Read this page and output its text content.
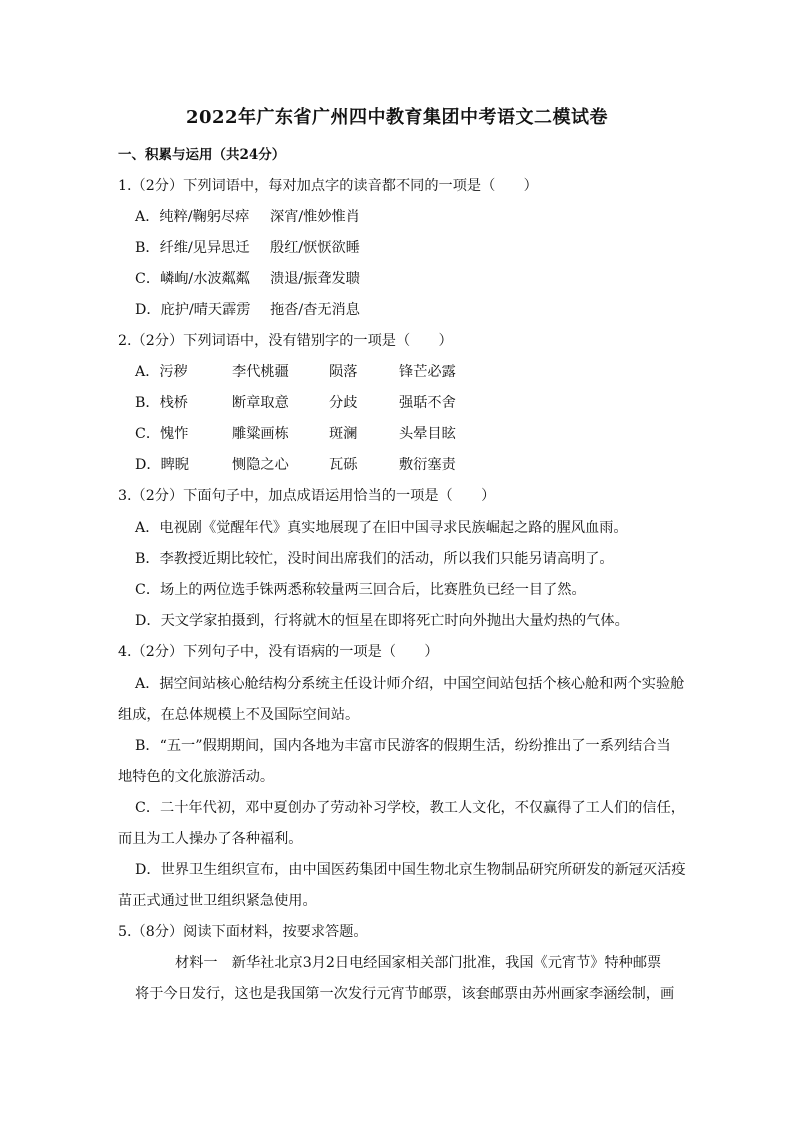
2022年广东省广州四中教育集团中考语文二模试卷
一、积累与运用（共24分）
1.（2分）下列词语中，每对加点字的读音都不同的一项是（　　）
A．纯粹/鞠躬尽瘁 深宵/惟妙惟肖
B．纤维/见异思迁 殷红/恹恹欲睡
C．嶙峋/水波粼粼 溃退/振聋发聩
D．庇护/晴天霹雳 拖沓/杳无消息
2.（2分）下列词语中，没有错别字的一项是（　　）
A．污秽	李代桃疆	陨落	锋芒必露
B．栈桥	断章取意	分歧	强聒不舍
C．愧怍	雕粱画栋	斑澜	头晕目眩
D．睥睨	恻隐之心	瓦砾	敷衍塞责
3.（2分）下面句子中，加点成语运用恰当的一项是（　　）
A．电视剧《觉醒年代》真实地展现了在旧中国寻求民族崛起之路的腥风血雨。
B．李教授近期比较忙，没时间出席我们的活动，所以我们只能另请高明了。
C．场上的两位选手铢两悉称较量两三回合后，比赛胜负已经一目了然。
D．天文学家拍摄到，行将就木的恒星在即将死亡时向外抛出大量灼热的气体。
4.（2分）下列句子中，没有语病的一项是（　　）
A．据空间站核心舱结构分系统主任设计师介绍，中国空间站包括个核心舱和两个实验舱
组成，在总体规模上不及国际空间站。
B．“五一”假期期间，国内各地为丰富市民游客的假期生活，纷纷推出了一系列结合当
地特色的文化旅游活动。
C．二十年代初，邓中夏创办了劳动补习学校，教工人文化，不仅赢得了工人们的信任，
而且为工人操办了各种福利。
D．世界卫生组织宣布，由中国医药集团中国生物北京生物制品研究所研发的新冠灭活疫
苗正式通过世卫组织紧急使用。
5.（8分）阅读下面材料，按要求答题。
材料一　新华社北京3月2日电经国家相关部门批准，我国《元宵节》特种邮票
将于今日发行，这也是我国第一次发行元宵节邮票，该套邮票由苏州画家李涵绘制，画
